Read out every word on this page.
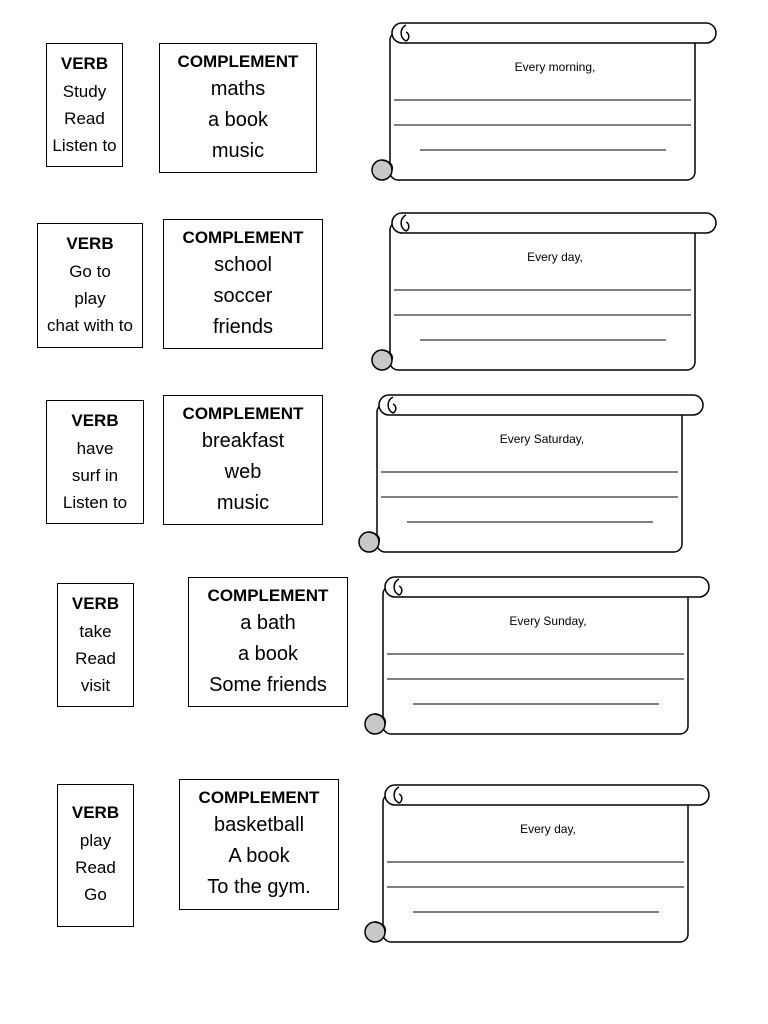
VERB
Study
Read
Listen to
COMPLEMENT
maths
a book
music
Every morning,
VERB
Go to
play
chat with to
COMPLEMENT
school
soccer
friends
Every day,
VERB
have
surf in
Listen to
COMPLEMENT
breakfast
web
music
Every Saturday,
VERB
take
Read
visit
COMPLEMENT
a bath
a book
Some friends
Every Sunday,
VERB
play
Read
Go
COMPLEMENT
basketball
A book
To the gym.
Every day,
